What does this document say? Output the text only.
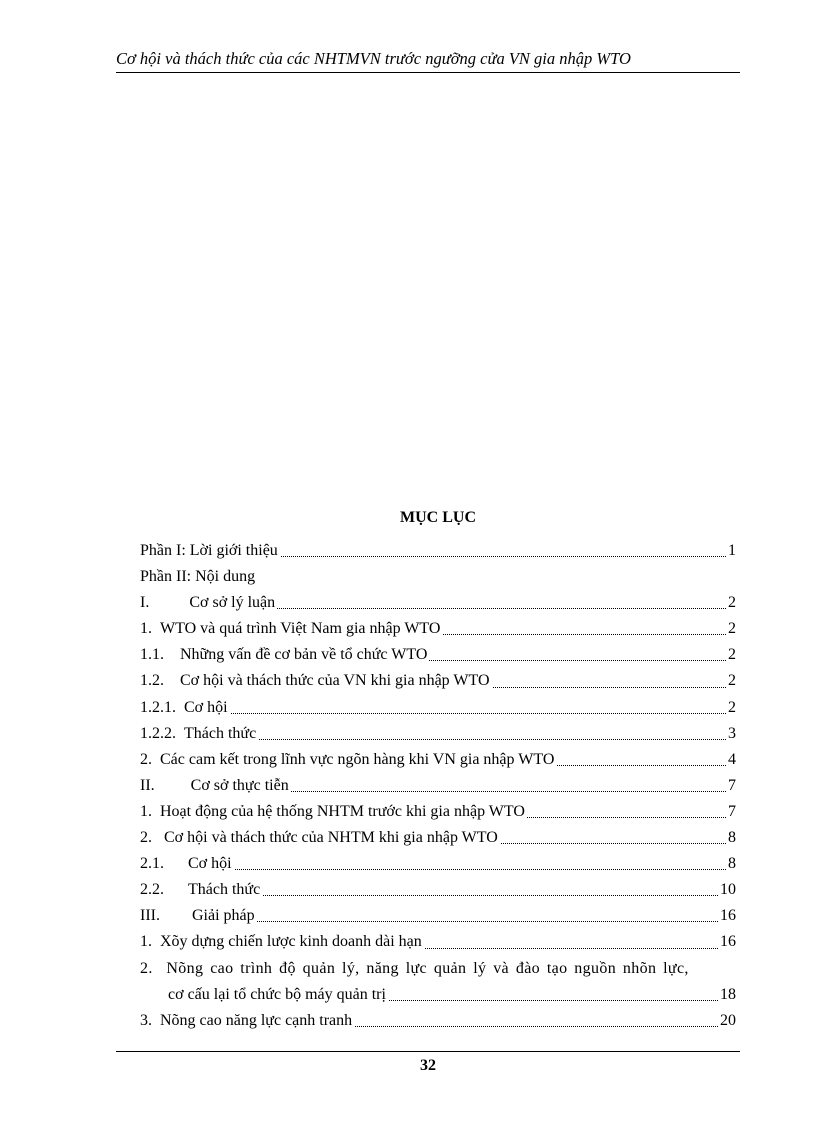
Cơ hội và thách thức của các NHTMVN trước ngưỡng cửa VN gia nhập WTO
MỤC LỤC
Phần I: Lời giới thiệu	1
Phần II: Nội dung
I.          Cơ sở lý luận	2
1.  WTO và quá trình Việt Nam gia nhập WTO	2
1.1.    Những vấn đề cơ bản về tổ chức WTO	2
1.2.    Cơ hội và thách thức của VN khi gia nhập WTO	2
1.2.1.  Cơ hội	2
1.2.2.  Thách thức	3
2.  Các cam kết trong lĩnh vực ngõn hàng khi VN gia nhập WTO	4
II.         Cơ sở thực tiễn	7
1.  Hoạt động của hệ thống NHTM trước khi gia nhập WTO	7
2.   Cơ hội và thách thức của NHTM khi gia nhập WTO	8
2.1.      Cơ hội	8
2.2.      Thách thức	10
III.        Giải pháp	16
1.  Xõy dựng chiến lược kinh doanh dài hạn	16
2.  Nõng cao trình độ quản lý, năng lực quản lý và đào tạo nguồn nhõn lực,
cơ cấu lại tổ chức bộ máy quản trị	18
3.  Nõng cao năng lực cạnh tranh	20
32
